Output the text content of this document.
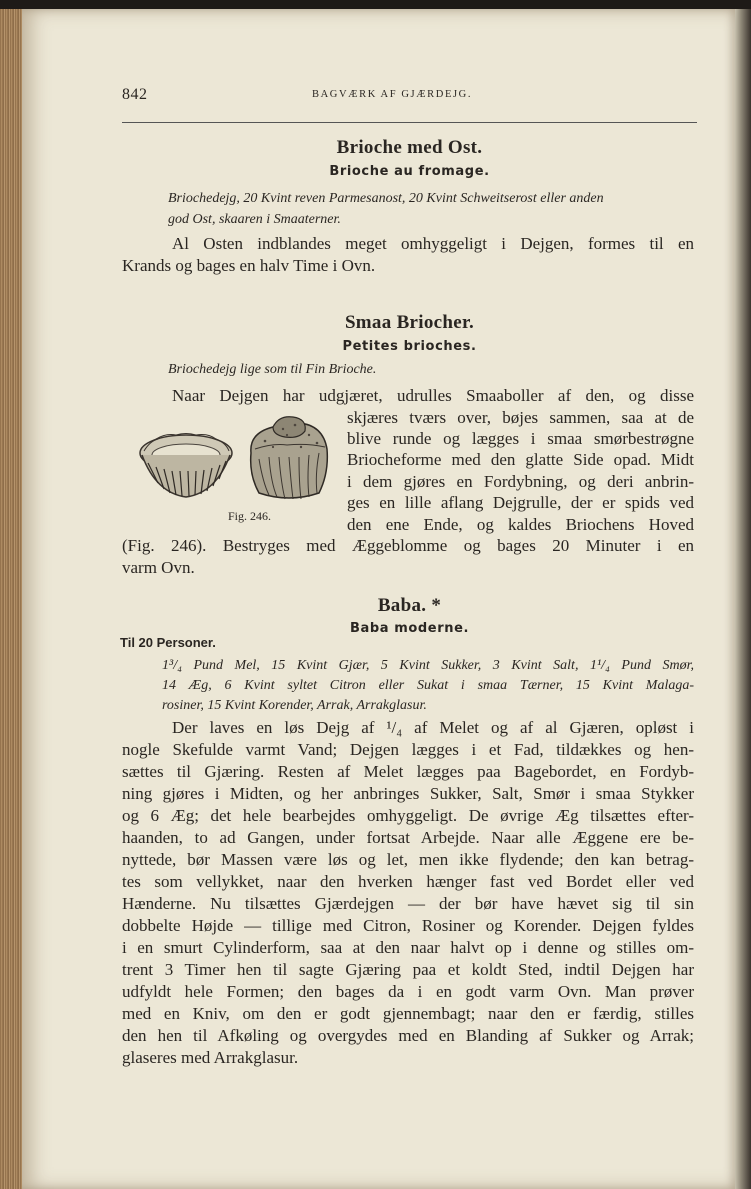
842	BAGVÆRK AF GJÆRDEJG.
Brioche med Ost.
Brioche au fromage.
Briochedejg, 20 Kvint reven Parmesanost, 20 Kvint Schweitserost eller anden
god Ost, skaaren i Smaaterner.
Al Osten indblandes meget omhyggeligt i Dejgen, formes til en
Krands og bages en halv Time i Ovn.
Smaa Briocher.
Petites brioches.
Briochedejg lige som til Fin Brioche.
Naar Dejgen har udgjæret, udrulles Smaaboller af den, og disse
skjæres tværs over, bøjes sammen, saa at de
blive runde og lægges i smaa smørbestrøgne
Briocheforme med den glatte Side opad. Midt
i dem gjøres en Fordybning, og deri anbrin-
ges en lille aflang Dejgrulle, der er spids ved
den ene Ende, og kaldes Briochens Hoved
(Fig. 246). Bestryges med Æggeblomme og bages 20 Minuter i en
varm Ovn.
Fig. 246.
Baba. *
Baba moderne.
Til 20 Personer.
1³/₄ Pund Mel, 15 Kvint Gjær, 5 Kvint Sukker, 3 Kvint Salt, 1¹/₄ Pund Smør,
14 Æg, 6 Kvint syltet Citron eller Sukat i smaa Tærner, 15 Kvint Malaga-
rosiner, 15 Kvint Korender, Arrak, Arrakglasur.
Der laves en løs Dejg af ¹/₄ af Melet og af al Gjæren, opløst i
nogle Skefulde varmt Vand; Dejgen lægges i et Fad, tildækkes og hen-
sættes til Gjæring. Resten af Melet lægges paa Bagebordet, en Fordyb-
ning gjøres i Midten, og her anbringes Sukker, Salt, Smør i smaa Stykker
og 6 Æg; det hele bearbejdes omhyggeligt. De øvrige Æg tilsættes efter-
haanden, to ad Gangen, under fortsat Arbejde. Naar alle Æggene ere be-
nyttede, bør Massen være løs og let, men ikke flydende; den kan betrag-
tes som vellykket, naar den hverken hænger fast ved Bordet eller ved
Hænderne. Nu tilsættes Gjærdejgen — der bør have hævet sig til sin
dobbelte Højde — tillige med Citron, Rosiner og Korender. Dejgen fyldes
i en smurt Cylinderform, saa at den naar halvt op i denne og stilles om-
trent 3 Timer hen til sagte Gjæring paa et koldt Sted, indtil Dejgen har
udfyldt hele Formen; den bages da i en godt varm Ovn. Man prøver
med en Kniv, om den er godt gjennembagt; naar den er færdig, stilles
den hen til Afkøling og overgydes med en Blanding af Sukker og Arrak;
glaseres med Arrakglasur.
